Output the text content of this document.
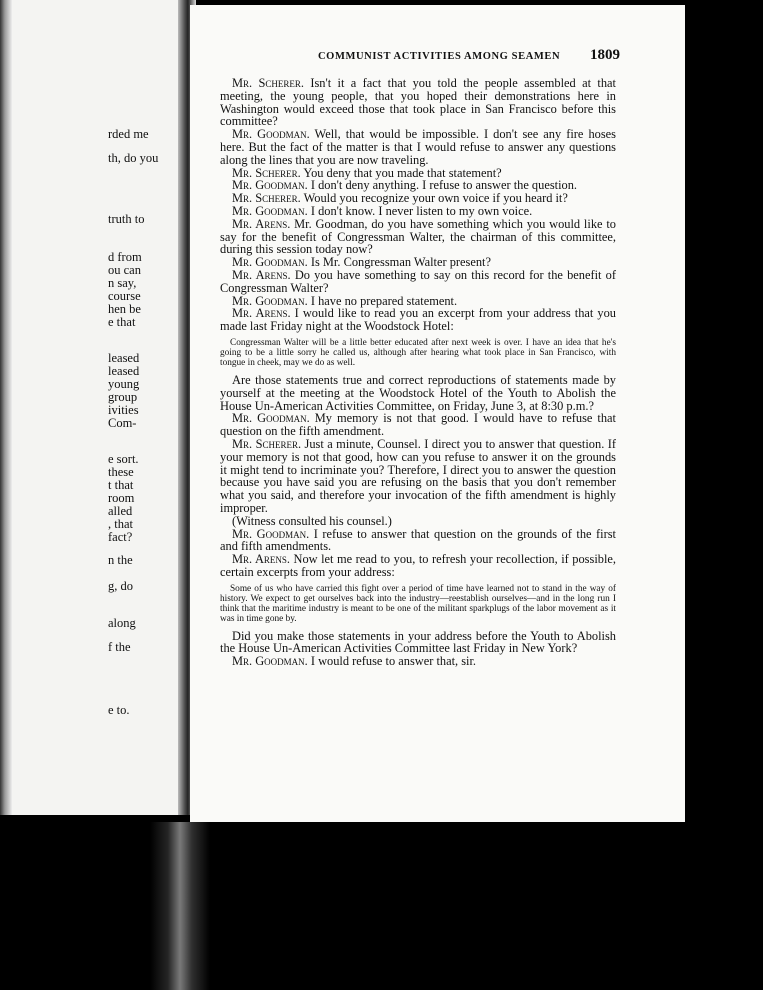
rded me
th, do you
truth to
d from
ou can
n say,
course
hen be
e that
leased
leased
young
group
ivities
Com-
e sort.
these
t that
room
alled
, that
fact?
n the
g, do
along
f the
e to.
COMMUNIST ACTIVITIES AMONG SEAMEN 1809

Mr. Scherer. Isn't it a fact that you told the people assembled at that meeting, the young people, that you hoped their demonstrations here in Washington would exceed those that took place in San Francisco before this committee?

Mr. Goodman. Well, that would be impossible. I don't see any fire hoses here. But the fact of the matter is that I would refuse to answer any questions along the lines that you are now traveling.

Mr. Scherer. You deny that you made that statement?

Mr. Goodman. I don't deny anything. I refuse to answer the question.

Mr. Scherer. Would you recognize your own voice if you heard it?

Mr. Goodman. I don't know. I never listen to my own voice.

Mr. Arens. Mr. Goodman, do you have something which you would like to say for the benefit of Congressman Walter, the chairman of this committee, during this session today now?

Mr. Goodman. Is Mr. Congressman Walter present?

Mr. Arens. Do you have something to say on this record for the benefit of Congressman Walter?

Mr. Goodman. I have no prepared statement.

Mr. Arens. I would like to read you an excerpt from your address that you made last Friday night at the Woodstock Hotel:

Congressman Walter will be a little better educated after next week is over. I have an idea that he's going to be a little sorry he called us, although after hearing what took place in San Francisco, with tongue in cheek, may we do as well.

Are those statements true and correct reproductions of statements made by yourself at the meeting at the Woodstock Hotel of the Youth to Abolish the House Un-American Activities Committee, on Friday, June 3, at 8:30 p.m.?

Mr. Goodman. My memory is not that good. I would have to refuse that question on the fifth amendment.

Mr. Scherer. Just a minute, Counsel. I direct you to answer that question. If your memory is not that good, how can you refuse to answer it on the grounds it might tend to incriminate you? Therefore, I direct you to answer the question because you have said you are refusing on the basis that you don't remember what you said, and therefore your invocation of the fifth amendment is highly improper.

(Witness consulted his counsel.)

Mr. Goodman. I refuse to answer that question on the grounds of the first and fifth amendments.

Mr. Arens. Now let me read to you, to refresh your recollection, if possible, certain excerpts from your address:

Some of us who have carried this fight over a period of time have learned not to stand in the way of history. We expect to get ourselves back into the industry—reestablish ourselves—and in the long run I think that the maritime industry is meant to be one of the militant sparkplugs of the labor movement as it was in time gone by.

Did you make those statements in your address before the Youth to Abolish the House Un-American Activities Committee last Friday in New York?

Mr. Goodman. I would refuse to answer that, sir.
